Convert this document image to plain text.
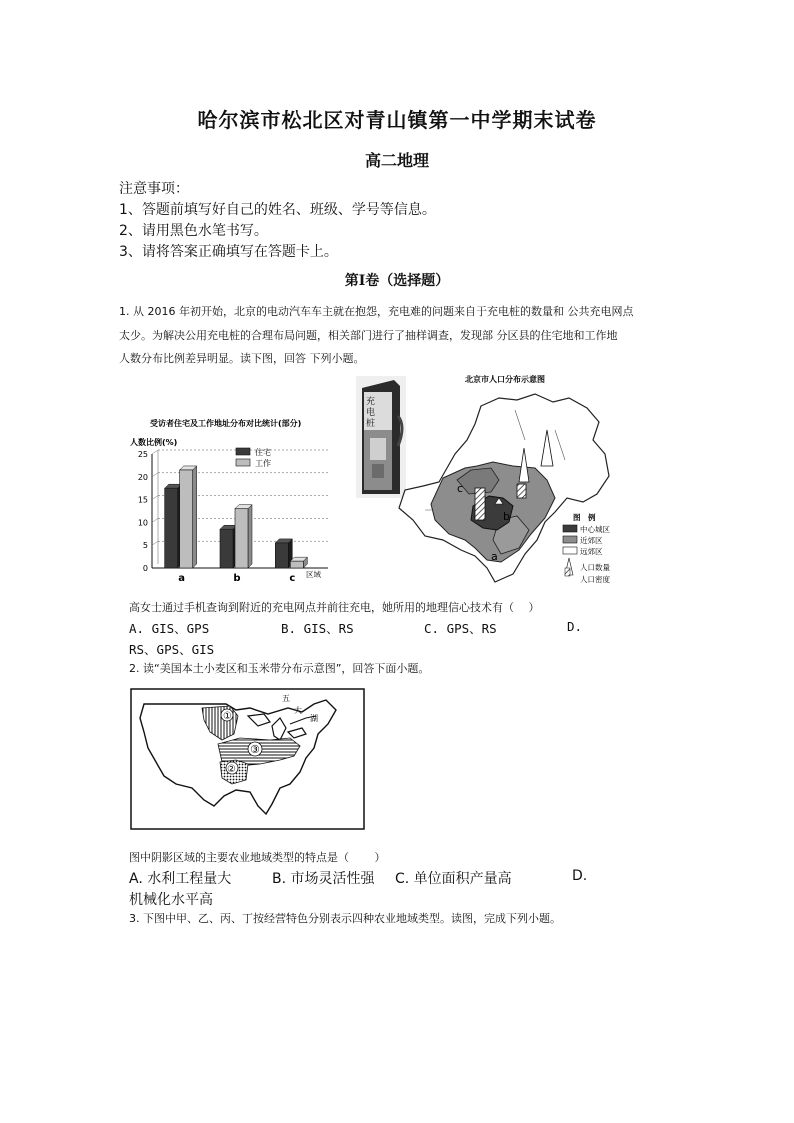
哈尔滨市松北区对青山镇第一中学期末试卷
高二地理
注意事项：
1、答题前填写好自己的姓名、班级、学号等信息。
2、请用黑色水笔书写。
3、请将答案正确填写在答题卡上。
第I卷（选择题）
1. 从 2016 年初开始，北京的电动汽车车主就在抱怨，充电难的问题来自于充电桩的数量和 公共充电网点
太少。为解决公用充电桩的合理布局问题，相关部门进行了抽样调查，发现部 分区县的住宅地和工作地
人数分布比例差异明显。读下图，回答 下列小题。
受访者住宅及工作地址分布对比统计(部分)
人数比例(%)
区域
0
5
10
15
20
25
a	b	c
住宅
工作
充
电
桩
北京市人口分布示意图
c
b
a
图　例
中心城区
近郊区
远郊区
人口数量
人口密度
高女士通过手机查询到附近的充电网点并前往充电，她所用的地理信心技术有（　 ）
A. GIS、GPS	B. GIS、RS	C. GPS、RS	D.
RS、GPS、GIS
2. 读“美国本土小麦区和玉米带分布示意图”，回答下面小题。
①
③
②
五
大
湖
图中阴影区域的主要农业地域类型的特点是（　　 ）
A. 水利工程量大	B. 市场灵活性强 C. 单位面积产量高	D.
机械化水平高
3. 下图中甲、乙、丙、丁按经营特色分别表示四种农业地域类型。读图，完成下列小题。
